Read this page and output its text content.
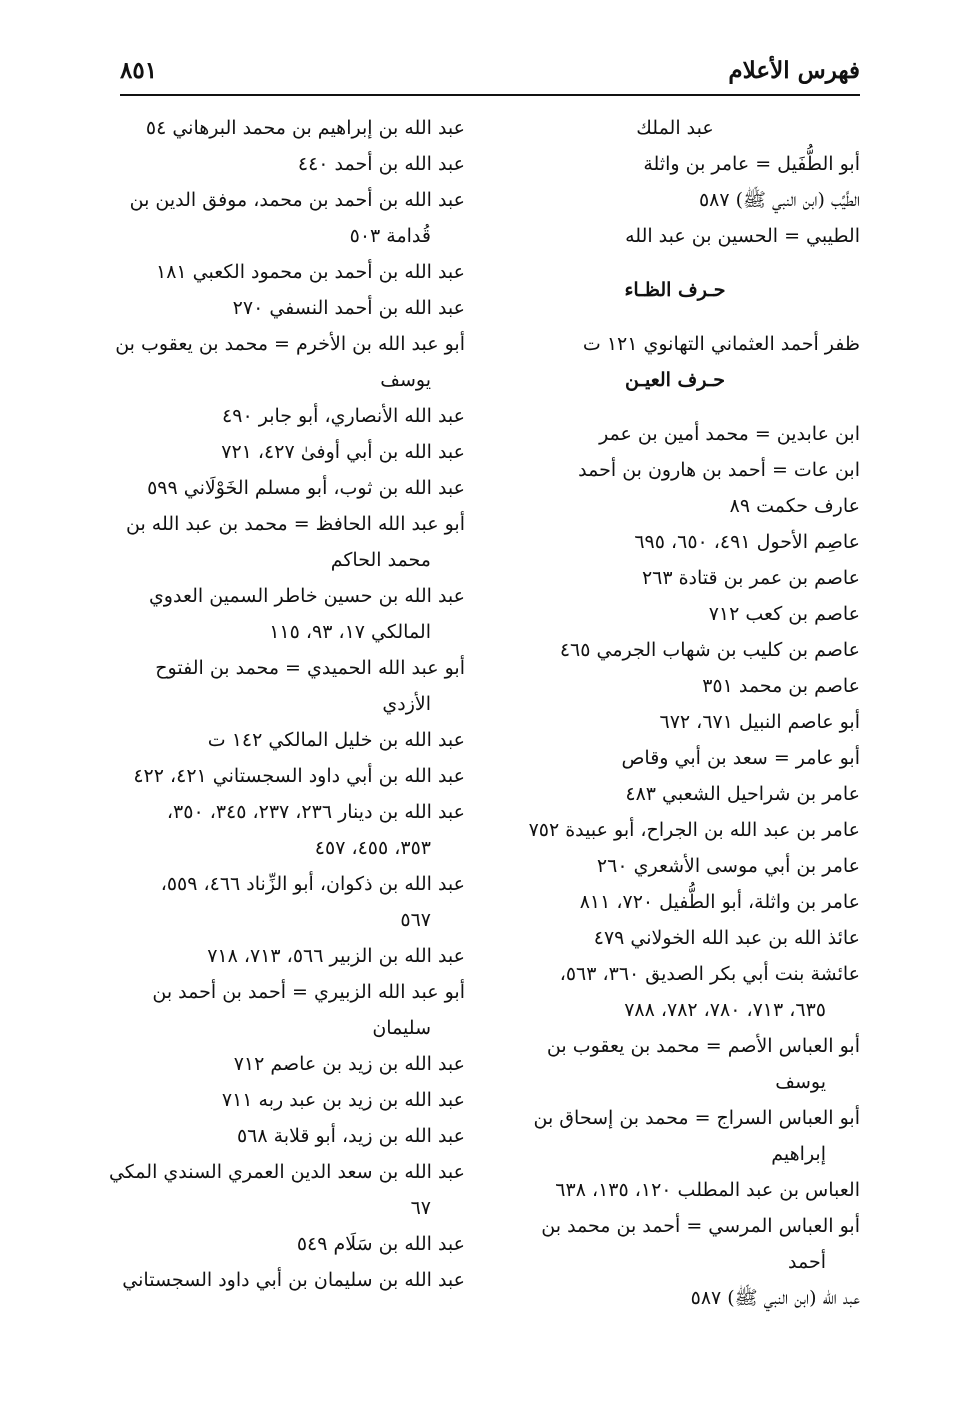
فهرس الأعلام
٨٥١
عبد الملك
أبو الطُّفَيل = عامر بن واثلة
الطَّيِّب (ابن النبي ﷺ) ٥٨٧
الطيبي = الحسين بن عبد الله
حـرف الظـاء
ظفر أحمد العثماني التهانوي ١٢١ ت
حـرف العيـن
ابن عابدين = محمد أمين بن عمر
ابن عات = أحمد بن هارون بن أحمد
عارف حكمت ٨٩
عاصِم الأحول ٤٩١، ٦٥٠، ٦٩٥
عاصم بن عمر بن قتادة ٢٦٣
عاصم بن كعب ٧١٢
عاصم بن كليب بن شهاب الجرمي ٤٦٥
عاصم بن محمد ٣٥١
أبو عاصم النبيل ٦٧١، ٦٧٢
أبو عامر = سعد بن أبي وقاص
عامر بن شراحيل الشعبي ٤٨٣
عامر بن عبد الله بن الجراح، أبو عبيدة ٧٥٢
عامر بن أبي موسى الأشعري ٢٦٠
عامر بن واثلة، أبو الطُّفيل ٧٢٠، ٨١١
عائذ الله بن عبد الله الخولاني ٤٧٩
عائشة بنت أبي بكر الصديق ٣٦٠، ٥٦٣،
٦٣٥، ٧١٣، ٧٨٠، ٧٨٢، ٧٨٨
أبو العباس الأصم = محمد بن يعقوب بن
يوسف
أبو العباس السراج = محمد بن إسحاق بن
إبراهيم
العباس بن عبد المطلب ١٢٠، ١٣٥، ٦٣٨
أبو العباس المرسي = أحمد بن محمد بن
أحمد
عبد الله (ابن النبي ﷺ) ٥٨٧
عبد الله بن إبراهيم بن محمد البرهاني ٥٤
عبد الله بن أحمد ٤٤٠
عبد الله بن أحمد بن محمد، موفق الدين بن
قُدامة ٥٠٣
عبد الله بن أحمد بن محمود الكعبي ١٨١
عبد الله بن أحمد النسفي ٢٧٠
أبو عبد الله بن الأخرم = محمد بن يعقوب بن
يوسف
عبد الله الأنصاري، أبو جابر ٤٩٠
عبد الله بن أبي أوفىٰ ٤٢٧، ٧٢١
عبد الله بن ثوب، أبو مسلم الخَوْلَاني ٥٩٩
أبو عبد الله الحافظ = محمد بن عبد الله بن
محمد الحاكم
عبد الله بن حسين خاطر السمين العدوي
المالكي ١٧، ٩٣، ١١٥
أبو عبد الله الحميدي = محمد بن الفتوح
الأزدي
عبد الله بن خليل المالكي ١٤٢ ت
عبد الله بن أبي داود السجستاني ٤٢١، ٤٢٢
عبد الله بن دينار ٢٣٦، ٢٣٧، ٣٤٥، ٣٥٠،
٣٥٣، ٤٥٥، ٤٥٧
عبد الله بن ذكوان، أبو الزِّناد ٤٦٦، ٥٥٩،
٥٦٧
عبد الله بن الزبير ٥٦٦، ٧١٣، ٧١٨
أبو عبد الله الزبيري = أحمد بن أحمد بن
سليمان
عبد الله بن زيد بن عاصم ٧١٢
عبد الله بن زيد بن عبد ربه ٧١١
عبد الله بن زيد، أبو قلابة ٥٦٨
عبد الله بن سعد الدين العمري السندي المكي
٦٧
عبد الله بن سَلَام ٥٤٩
عبد الله بن سليمان بن أبي داود السجستاني
